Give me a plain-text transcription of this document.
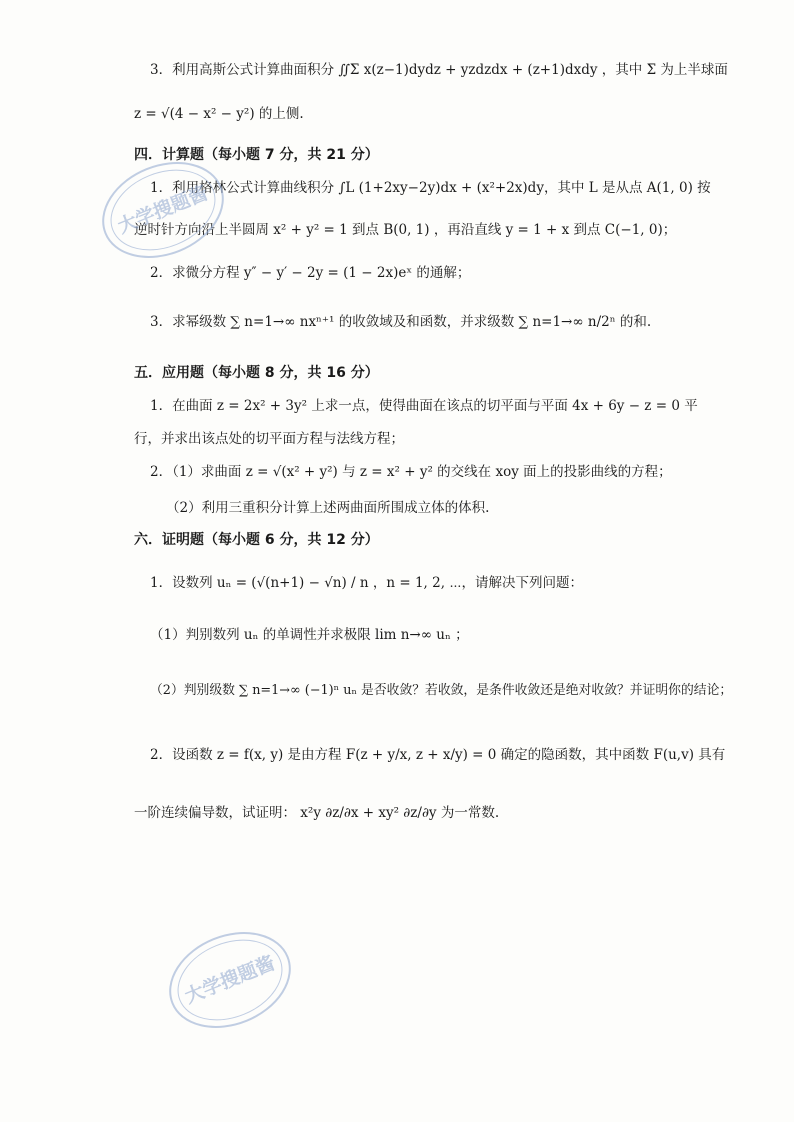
3．利用高斯公式计算曲面积分 ∬Σ x(z−1)dydz + yzdzdx + (z+1)dxdy ，其中 Σ 为上半球面
z = √(4 − x² − y²) 的上侧.
四．计算题（每小题 7 分，共 21 分）
1．利用格林公式计算曲线积分 ∫L (1+2xy−2y)dx + (x²+2x)dy，其中 L 是从点 A(1, 0) 按
逆时针方向沿上半圆周 x² + y² = 1 到点 B(0, 1) ，再沿直线 y = 1 + x 到点 C(−1, 0)；
2．求微分方程 y″ − y′ − 2y = (1 − 2x)eˣ 的通解；
3．求幂级数 ∑ n=1→∞ nxⁿ⁺¹ 的收敛域及和函数，并求级数 ∑ n=1→∞ n/2ⁿ 的和.
五．应用题（每小题 8 分，共 16 分）
1．在曲面 z = 2x² + 3y² 上求一点，使得曲面在该点的切平面与平面 4x + 6y − z = 0 平
行，并求出该点处的切平面方程与法线方程；
2．（1）求曲面 z = √(x² + y²) 与 z = x² + y² 的交线在 xoy 面上的投影曲线的方程；
（2）利用三重积分计算上述两曲面所围成立体的体积.
六．证明题（每小题 6 分，共 12 分）
1．设数列 uₙ = (√(n+1) − √n) / n ，n = 1, 2, ⋯，请解决下列问题：
（1）判别数列 uₙ 的单调性并求极限 lim n→∞ uₙ ；
（2）判别级数 ∑ n=1→∞ (−1)ⁿ uₙ 是否收敛？若收敛，是条件收敛还是绝对收敛？并证明你的结论；
2．设函数 z = f(x, y) 是由方程 F(z + y/x, z + x/y) = 0 确定的隐函数，其中函数 F(u,v) 具有
一阶连续偏导数，试证明： x²y ∂z/∂x + xy² ∂z/∂y 为一常数.
大学搜题酱
大学搜题酱
